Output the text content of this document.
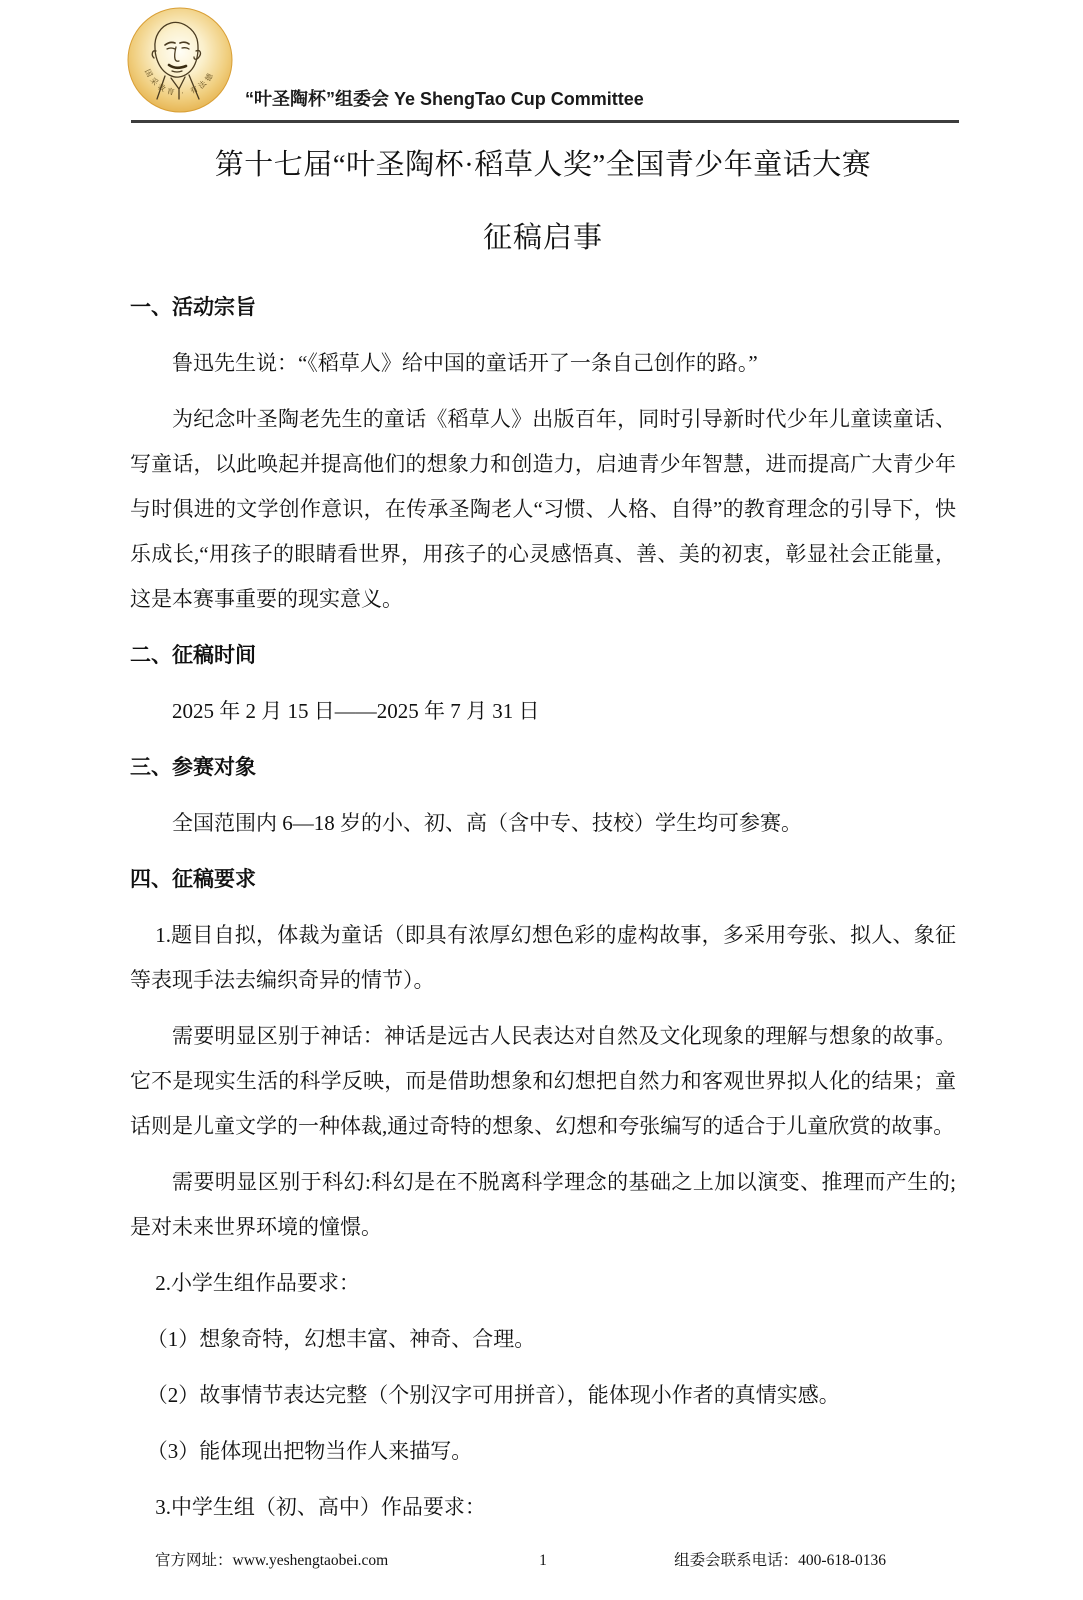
国采教育 · 有法德
“叶圣陶杯”组委会 Ye ShengTao Cup Committee
第十七届“叶圣陶杯·稻草人奖”全国青少年童话大赛
征稿启事
一、活动宗旨

鲁迅先生说：“《稻草人》给中国的童话开了一条自己创作的路。”

为纪念叶圣陶老先生的童话《稻草人》出版百年，同时引导新时代少年儿童读童话、写童话，以此唤起并提高他们的想象力和创造力，启迪青少年智慧，进而提高广大青少年与时俱进的文学创作意识，在传承圣陶老人“习惯、人格、自得”的教育理念的引导下，快乐成长,“用孩子的眼睛看世界，用孩子的心灵感悟真、善、美的初衷，彰显社会正能量，这是本赛事重要的现实意义。

二、征稿时间

2025 年 2 月 15 日——2025 年 7 月 31 日

三、参赛对象

全国范围内 6—18 岁的小、初、高（含中专、技校）学生均可参赛。

四、征稿要求

1.题目自拟，体裁为童话（即具有浓厚幻想色彩的虚构故事，多采用夸张、拟人、象征等表现手法去编织奇异的情节）。

需要明显区别于神话：神话是远古人民表达对自然及文化现象的理解与想象的故事。它不是现实生活的科学反映，而是借助想象和幻想把自然力和客观世界拟人化的结果；童话则是儿童文学的一种体裁,通过奇特的想象、幻想和夸张编写的适合于儿童欣赏的故事。

需要明显区别于科幻:科幻是在不脱离科学理念的基础之上加以演变、推理而产生的;是对未来世界环境的憧憬。

2.小学生组作品要求：

（1）想象奇特，幻想丰富、神奇、合理。

（2）故事情节表达完整（个别汉字可用拼音），能体现小作者的真情实感。

（3）能体现出把物当作人来描写。

3.中学生组（初、高中）作品要求：

官方网址：www.yeshengtaobei.com	1	组委会联系电话：400-618-0136
